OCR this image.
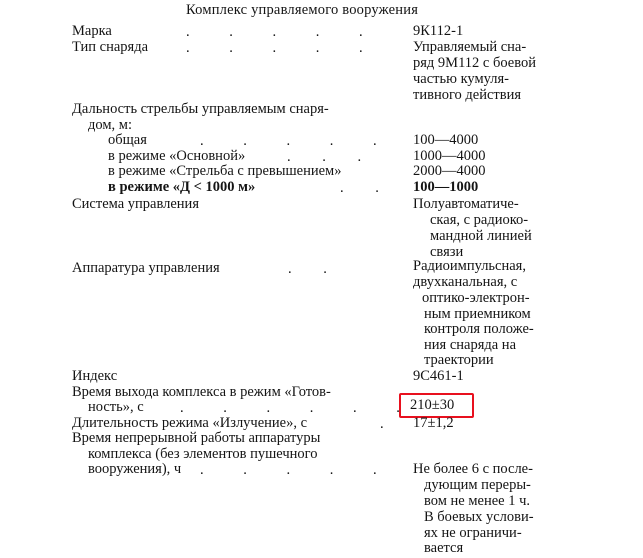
Комплекс управляемого вооружения
Марка	. . . . .	9К112-1
Тип снаряда	. . . . .	Управляемый сна-
ряд 9М112 с боевой
частью кумуля-
тивного действия
Дальность стрельбы управляемым снаря-
дом, м:
общая	. . . . .	100—4000
в режиме «Основной»	. . .	1000—4000
в режиме «Стрельба с превышением»	2000—4000
в режиме «Д < 1000 м»	. . 100—1000
Система управления	Полуавтоматиче-
ская, с радиоко-
мандной линией
связи
Аппаратура управления	. .	Радиоимпульсная,
двухканальная, с
оптико-электрон-
ным приемником
контроля положе-
ния снаряда на
траектории
Индекс	9С461-1
Время выхода комплекса в режим «Готов-
ность», с	. . . . . . 210±30
Длительность режима «Излучение», с	. 17±1,2
Время непрерывной работы аппаратуры
комплекса (без элементов пушечного
вооружения), ч . . . . .	Не более 6 с после-
дующим переры-
вом не менее 1 ч.
В боевых услови-
ях не ограничи-
вается
